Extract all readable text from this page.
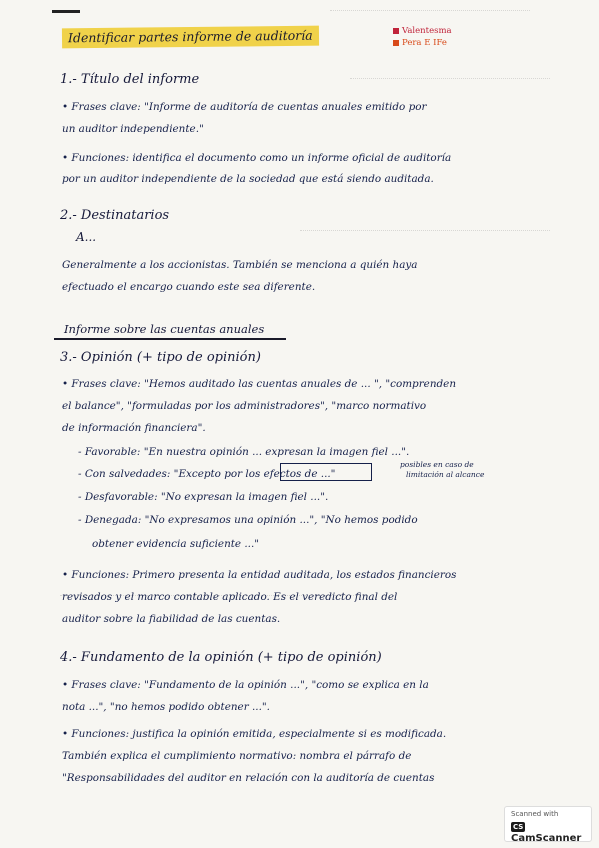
Identificar partes informe de auditoría	Valentesma
Pera E IFe
1.- Título del informe
• Frases clave: "Informe de auditoría de cuentas anuales emitido por
un auditor independiente."
• Funciones: identifica el documento como un informe oficial de auditoría
por un auditor independiente de la sociedad que está siendo auditada.
2.- Destinatarios
A...
Generalmente a los accionistas. También se menciona a quién haya
efectuado el encargo cuando este sea diferente.
Informe sobre las cuentas anuales
3.- Opinión (+ tipo de opinión)
• Frases clave: "Hemos auditado las cuentas anuales de ... ", "comprenden
el balance", "formuladas por los administradores", "marco normativo
de información financiera".
- Favorable: "En nuestra opinión ... expresan la imagen fiel ...".
- Con salvedades: "Excepto por los efectos de ..."
posibles en caso de
limitación al alcance
- Desfavorable: "No expresan la imagen fiel ...".
- Denegada: "No expresamos una opinión ...", "No hemos podido
obtener evidencia suficiente ..."
• Funciones: Primero presenta la entidad auditada, los estados financieros
revisados y el marco contable aplicado. Es el veredicto final del
auditor sobre la fiabilidad de las cuentas.
4.- Fundamento de la opinión (+ tipo de opinión)
• Frases clave: "Fundamento de la opinión ...", "como se explica en la
nota ...", "no hemos podido obtener ...".
• Funciones: justifica la opinión emitida, especialmente si es modificada.
También explica el cumplimiento normativo: nombra el párrafo de
"Responsabilidades del auditor en relación con la auditoría de cuentas
Scanned with
CSCamScanner
